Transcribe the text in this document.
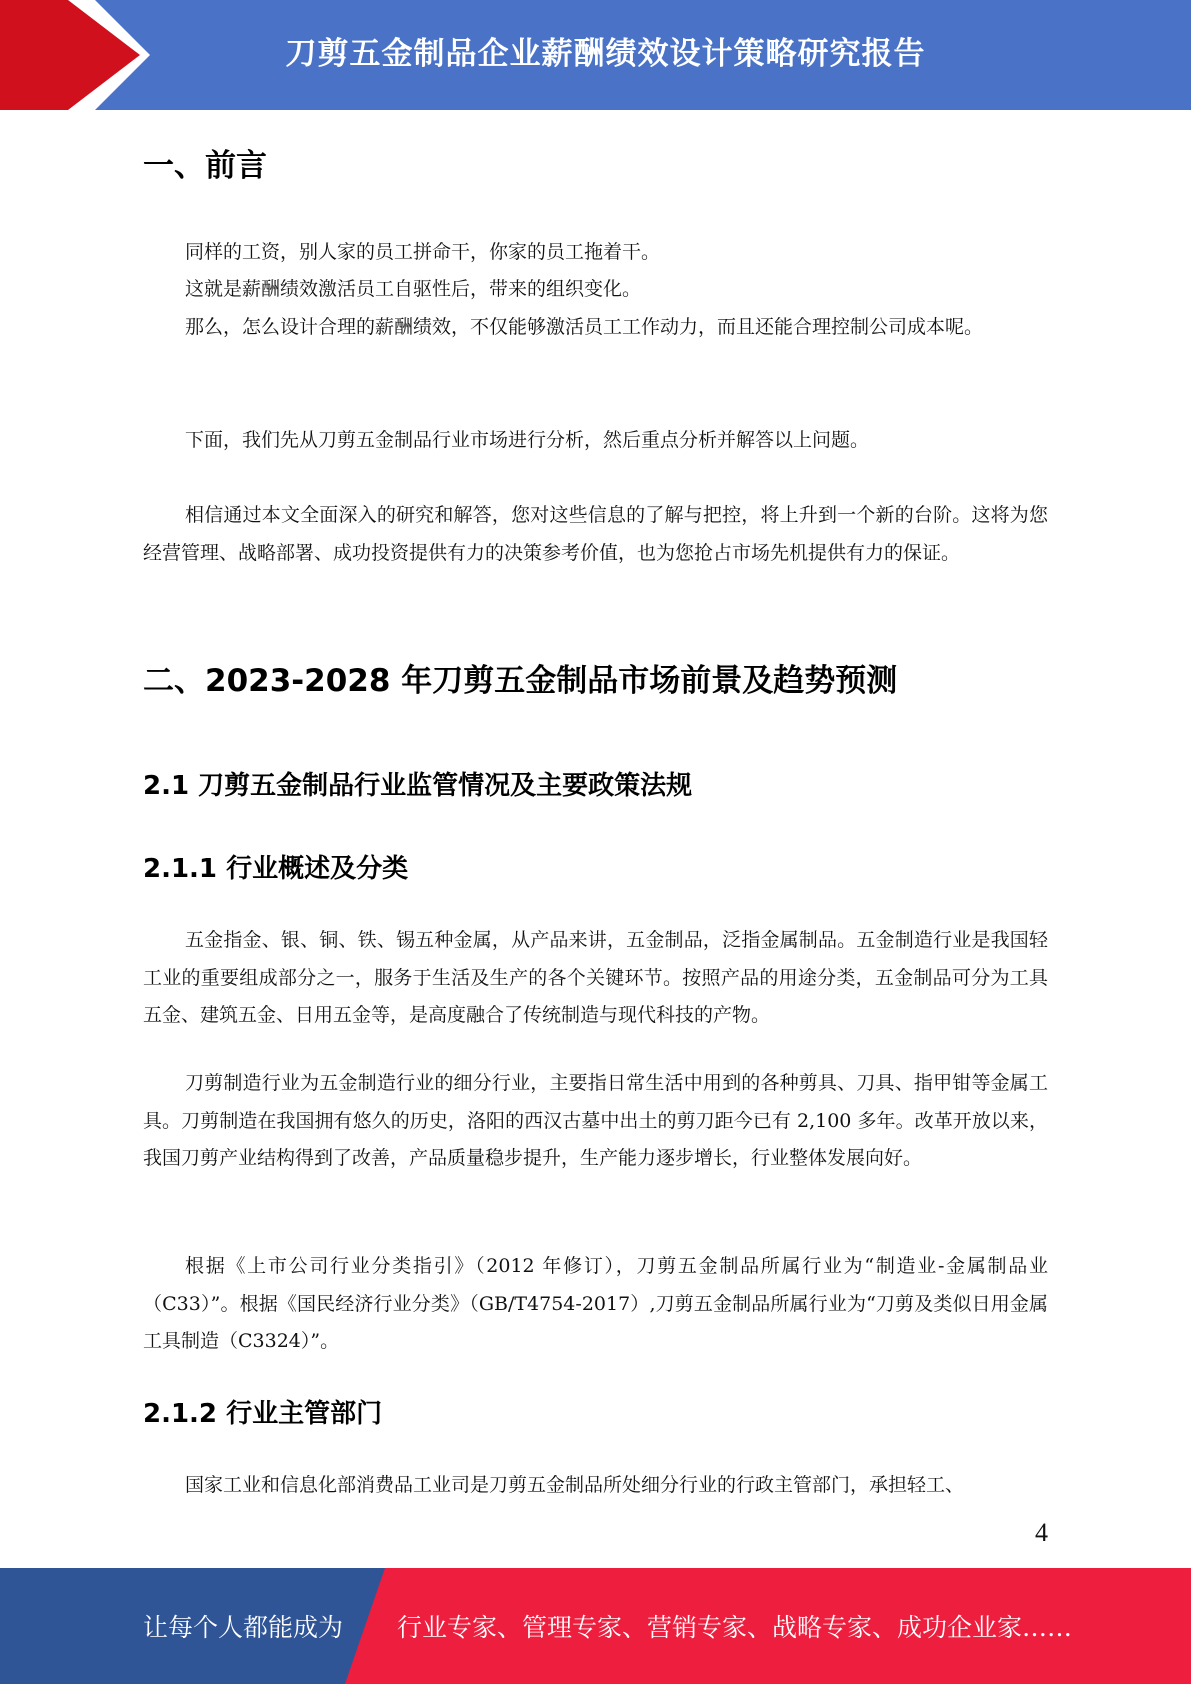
刀剪五金制品企业薪酬绩效设计策略研究报告
一、前言

同样的工资，别人家的员工拼命干，你家的员工拖着干。

这就是薪酬绩效激活员工自驱性后，带来的组织变化。

那么，怎么设计合理的薪酬绩效，不仅能够激活员工工作动力，而且还能合理控制公司成本呢。

下面，我们先从刀剪五金制品行业市场进行分析，然后重点分析并解答以上问题。

相信通过本文全面深入的研究和解答，您对这些信息的了解与把控，将上升到一个新的台阶。这将为您经营管理、战略部署、成功投资提供有力的决策参考价值，也为您抢占市场先机提供有力的保证。

二、2023-2028 年刀剪五金制品市场前景及趋势预测
2.1 刀剪五金制品行业监管情况及主要政策法规
2.1.1 行业概述及分类

五金指金、银、铜、铁、锡五种金属，从产品来讲，五金制品，泛指金属制品。五金制造行业是我国轻工业的重要组成部分之一，服务于生活及生产的各个关键环节。按照产品的用途分类，五金制品可分为工具五金、建筑五金、日用五金等，是高度融合了传统制造与现代科技的产物。

刀剪制造行业为五金制造行业的细分行业，主要指日常生活中用到的各种剪具、刀具、指甲钳等金属工具。刀剪制造在我国拥有悠久的历史，洛阳的西汉古墓中出土的剪刀距今已有 2,100 多年。改革开放以来，我国刀剪产业结构得到了改善，产品质量稳步提升，生产能力逐步增长，行业整体发展向好。

根据《上市公司行业分类指引》（2012 年修订），刀剪五金制品所属行业为“制造业-金属制品业（C33）”。根据《国民经济行业分类》（GB/T4754-2017）,刀剪五金制品所属行业为“刀剪及类似日用金属工具制造（C3324）”。

2.1.2 行业主管部门

国家工业和信息化部消费品工业司是刀剪五金制品所处细分行业的行政主管部门，承担轻工、

4
让每个人都能成为 行业专家、管理专家、营销专家、战略专家、成功企业家……
